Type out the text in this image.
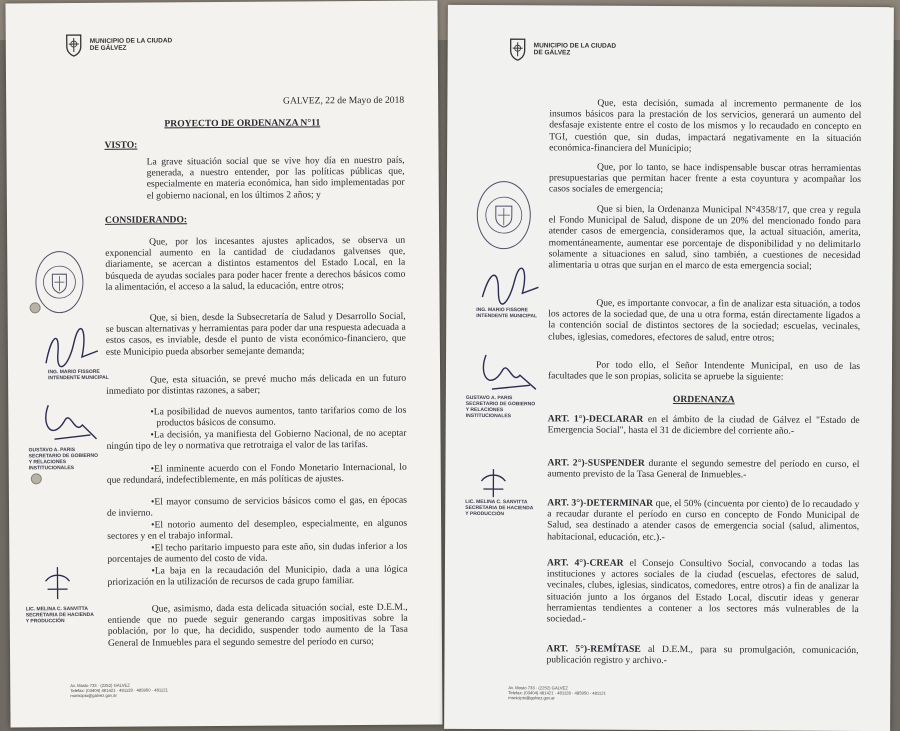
MUNICIPIO DE LA CIUDAD
DE GÁLVEZ
GALVEZ, 22 de Mayo de 2018
PROYECTO DE ORDENANZA N°11
VISTO:
La grave situación social que se vive hoy día en nuestro país, generada, a nuestro entender, por las políticas públicas que, especialmente en materia económica, han sido implementadas por el gobierno nacional, en los últimos 2 años; y
CONSIDERANDO:
Que, por los incesantes ajustes aplicados, se observa un exponencial aumento en la cantidad de ciudadanos galvenses que, diariamente, se acercan a distintos estamentos del Estado Local, en la búsqueda de ayudas sociales para poder hacer frente a derechos básicos como la alimentación, el acceso a la salud, la educación, entre otros;
Que, si bien, desde la Subsecretaría de Salud y Desarrollo Social, se buscan alternativas y herramientas para poder dar una respuesta adecuada a estos casos, es inviable, desde el punto de vista económico-financiero, que este Municipio pueda absorber semejante demanda;
Que, esta situación, se prevé mucho más delicada en un futuro inmediato por distintas razones, a saber;
•La posibilidad de nuevos aumentos, tanto tarifarios como de los productos básicos de consumo.
•La decisión, ya manifiesta del Gobierno Nacional, de no aceptar ningún tipo de ley o normativa que retrotraiga el valor de las tarifas.
•El inminente acuerdo con el Fondo Monetario Internacional, lo que redundará, indefectiblemente, en más políticas de ajustes.
•El mayor consumo de servicios básicos como el gas, en épocas de invierno.
•El notorio aumento del desempleo, especialmente, en algunos sectores y en el trabajo informal.
•El techo paritario impuesto para este año, sin dudas inferior a los porcentajes de aumento del costo de vida.
•La baja en la recaudación del Municipio, dada a una lógica priorización en la utilización de recursos de cada grupo familiar.
Que, asimismo, dada esta delicada situación social, este D.E.M., entiende que no puede seguir generando cargas impositivas sobre la población, por lo que, ha decidido, suspender todo aumento de la Tasa General de Inmuebles para el segundo semestre del período en curso;
ING. MARIO FISSORE
INTENDENTE MUNICIPAL
GUSTAVO A. PARIS
SECRETARIO DE GOBIERNO
Y RELACIONES
INSTITUCIONALES
LIC. MELINA C. SANVITTA
SECRETARIA DE HACIENDA
Y PRODUCCIÓN
Av. Mosto 733 · (2252) GALVEZ
Telefax: (03404) 481421 · 481128 · 485950 · 481121
municipio@galvez.gov.ar
MUNICIPIO DE LA CIUDAD
DE GÁLVEZ
Que, esta decisión, sumada al incremento permanente de los insumos básicos para la prestación de los servicios, generará un aumento del desfasaje existente entre el costo de los mismos y lo recaudado en concepto en TGI, cuestión que, sin dudas, impactará negativamente en la situación económica-financiera del Municipio;
Que, por lo tanto, se hace indispensable buscar otras herramientas presupuestarias que permitan hacer frente a esta coyuntura y acompañar los casos sociales de emergencia;
Que si bien, la Ordenanza Municipal N°4358/17, que crea y regula el Fondo Municipal de Salud, dispone de un 20% del mencionado fondo para atender casos de emergencia, consideramos que, la actual situación, amerita, momentáneamente, aumentar ese porcentaje de disponibilidad y no delimitarlo solamente a situaciones en salud, sino también, a cuestiones de necesidad alimentaria u otras que surjan en el marco de esta emergencia social;
Que, es importante convocar, a fin de analizar esta situación, a todos los actores de la sociedad que, de una u otra forma, están directamente ligados a la contención social de distintos sectores de la sociedad; escuelas, vecinales, clubes, iglesias, comedores, efectores de salud, entre otros;
Por todo ello, el Señor Intendente Municipal, en uso de las facultades que le son propias, solicita se apruebe la siguiente:
ORDENANZA
ART. 1°)-DECLARAR en el ámbito de la ciudad de Gálvez el "Estado de Emergencia Social", hasta el 31 de diciembre del corriente año.-
ART. 2°)-SUSPENDER durante el segundo semestre del período en curso, el aumento previsto de la Tasa General de Inmuebles.-
ART. 3°)-DETERMINAR que, el 50% (cincuenta por ciento) de lo recaudado y a recaudar durante el período en curso en concepto de Fondo Municipal de Salud, sea destinado a atender casos de emergencia social (salud, alimentos, habitacional, educación, etc.).-
ART. 4°)-CREAR el Consejo Consultivo Social, convocando a todas las instituciones y actores sociales de la ciudad (escuelas, efectores de salud, vecinales, clubes, iglesias, sindicatos, comedores, entre otros) a fin de analizar la situación junto a los órganos del Estado Local, discutir ideas y generar herramientas tendientes a contener a los sectores más vulnerables de la sociedad.-
ART. 5°)-REMÍTASE al D.E.M., para su promulgación, comunicación, publicación registro y archivo.-
ING. MARIO FISSORE
INTENDENTE MUNICIPAL
GUSTAVO A. PARIS
SECRETARIO DE GOBIERNO
Y RELACIONES
INSTITUCIONALES
LIC. MELINA C. SANVITTA
SECRETARIA DE HACIENDA
Y PRODUCCIÓN
Av. Mosto 733 · (2252) GALVEZ
Telefax: (03404) 481421 · 481128 · 485950 · 481121
municipio@galvez.gov.ar
